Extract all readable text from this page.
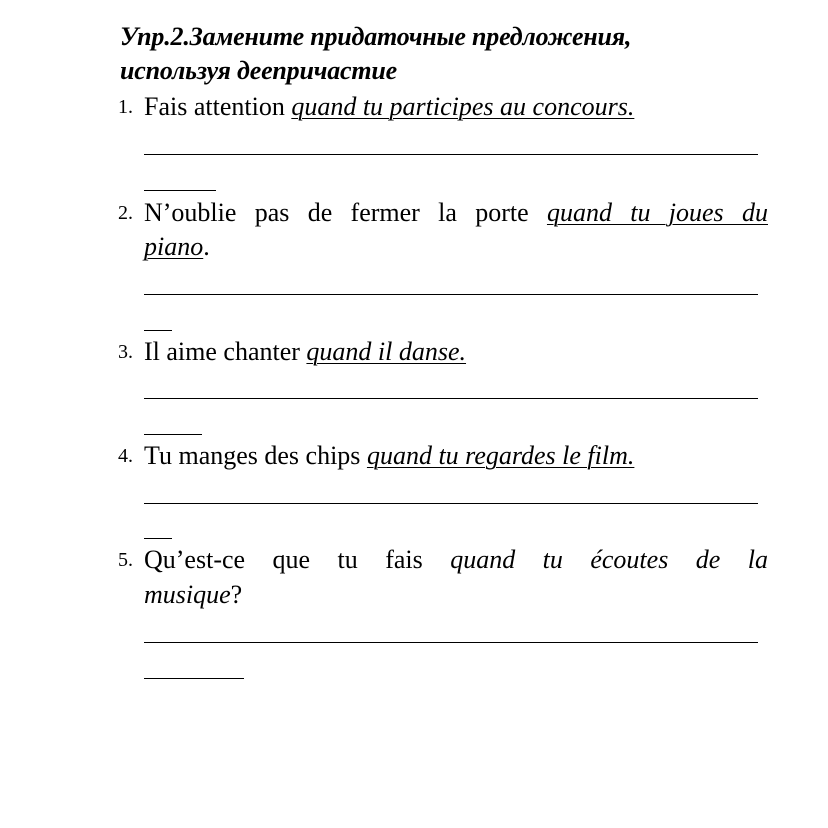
Упр.2.Замените придаточные предложения,
используя деепричастие
1. Fais attention quand tu participes au concours.
2. N’oublie pas de fermer la porte quand tu joues du
piano.
3. Il aime chanter quand il danse.
4. Tu manges des chips quand tu regardes le film.
5. Qu’est-ce que tu fais quand tu écoutes de la
musique?
